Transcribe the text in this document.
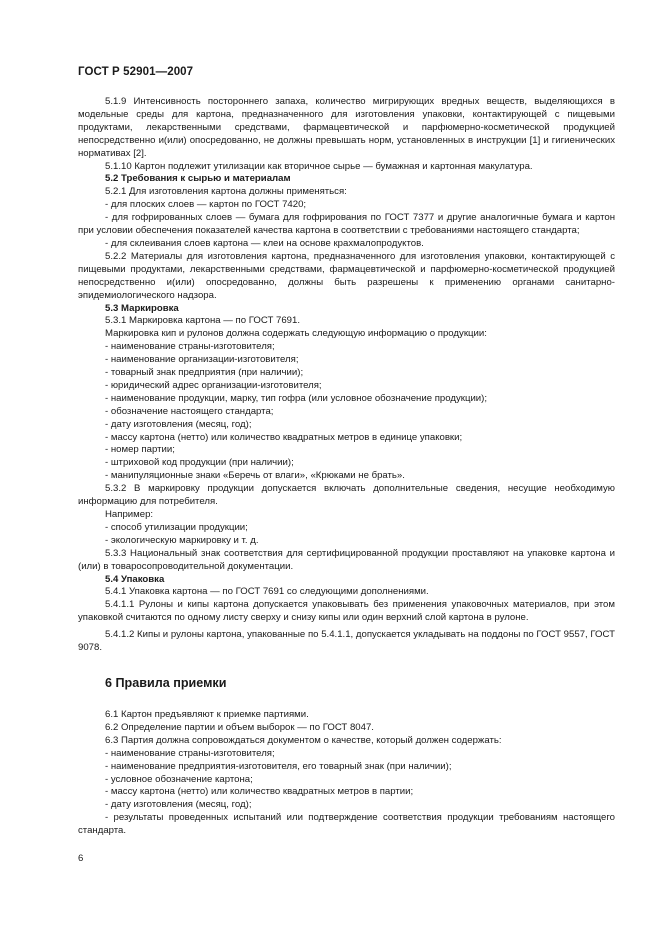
ГОСТ Р 52901—2007

5.1.9 Интенсивность постороннего запаха, количество мигрирующих вредных веществ, выделяющихся в модельные среды для картона, предназначенного для изготовления упаковки, контактирующей с пищевыми продуктами, лекарственными средствами, фармацевтической и парфюмерно-косметической продукцией непосредственно и(или) опосредованно, не должны превышать норм, установленных в инструкции [1] и гигиенических нормативах [2].

5.1.10 Картон подлежит утилизации как вторичное сырье — бумажная и картонная макулатура.

5.2 Требования к сырью и материалам

5.2.1 Для изготовления картона должны применяться:

- для плоских слоев — картон по ГОСТ 7420;

- для гофрированных слоев — бумага для гофрирования по ГОСТ 7377 и другие аналогичные бумага и картон при условии обеспечения показателей качества картона в соответствии с требованиями настоящего стандарта;

- для склеивания слоев картона — клеи на основе крахмалопродуктов.

5.2.2 Материалы для изготовления картона, предназначенного для изготовления упаковки, контактирующей с пищевыми продуктами, лекарственными средствами, фармацевтической и парфюмерно-косметической продукцией непосредственно и(или) опосредованно, должны быть разрешены к применению органами санитарно-эпидемиологического надзора.

5.3 Маркировка

5.3.1 Маркировка картона — по ГОСТ 7691.

Маркировка кип и рулонов должна содержать следующую информацию о продукции:

- наименование страны-изготовителя;

- наименование организации-изготовителя;

- товарный знак предприятия (при наличии);

- юридический адрес организации-изготовителя;

- наименование продукции, марку, тип гофра (или условное обозначение продукции);

- обозначение настоящего стандарта;

- дату изготовления (месяц, год);

- массу картона (нетто) или количество квадратных метров в единице упаковки;

- номер партии;

- штриховой код продукции (при наличии);

- манипуляционные знаки «Беречь от влаги», «Крюками не брать».

5.3.2 В маркировку продукции допускается включать дополнительные сведения, несущие необходимую информацию для потребителя.

Например:

- способ утилизации продукции;

- экологическую маркировку и т. д.

5.3.3 Национальный знак соответствия для сертифицированной продукции проставляют на упаковке картона и (или) в товаросопроводительной документации.

5.4 Упаковка

5.4.1 Упаковка картона — по ГОСТ 7691 со следующими дополнениями.

5.4.1.1 Рулоны и кипы картона допускается упаковывать без применения упаковочных материалов, при этом упаковкой считаются по одному листу сверху и снизу кипы или один верхний слой картона в рулоне.

5.4.1.2 Кипы и рулоны картона, упакованные по 5.4.1.1, допускается укладывать на поддоны по ГОСТ 9557, ГОСТ 9078.

6 Правила приемки

6.1 Картон предъявляют к приемке партиями.

6.2 Определение партии и объем выборок — по ГОСТ 8047.

6.3 Партия должна сопровождаться документом о качестве, который должен содержать:

- наименование страны-изготовителя;

- наименование предприятия-изготовителя, его товарный знак (при наличии);

- условное обозначение картона;

- массу картона (нетто) или количество квадратных метров в партии;

- дату изготовления (месяц, год);

- результаты проведенных испытаний или подтверждение соответствия продукции требованиям настоящего стандарта.

6
